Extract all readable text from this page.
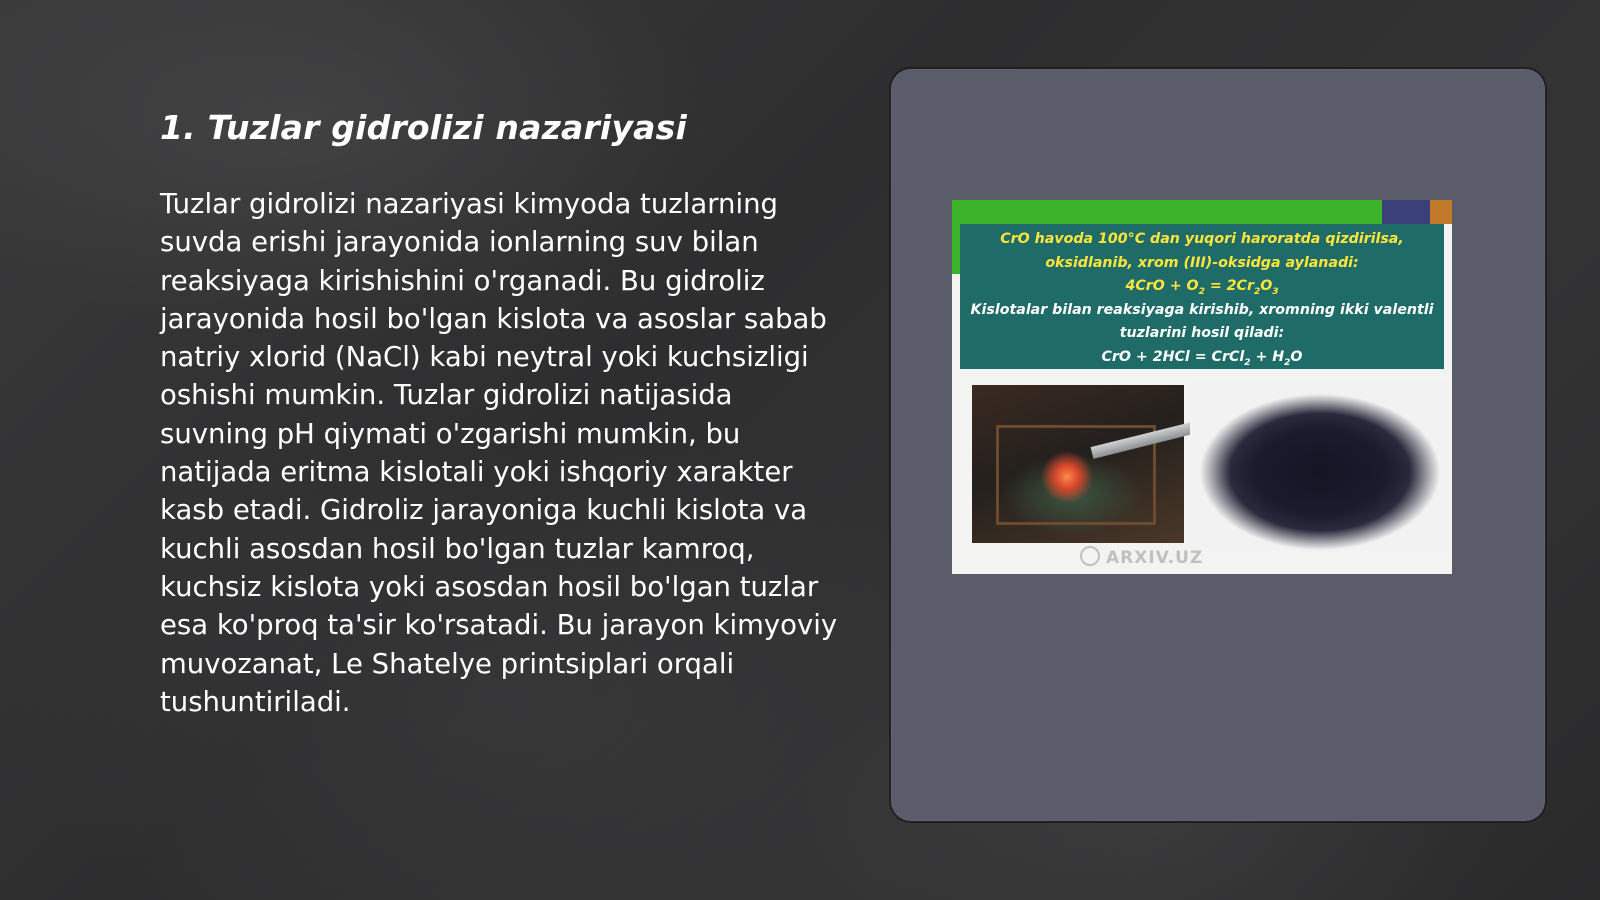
1. Tuzlar gidrolizi nazariyasi

Tuzlar gidrolizi nazariyasi kimyoda tuzlarning suvda erishi jarayonida ionlarning suv bilan reaksiyaga kirishishini o'rganadi. Bu gidroliz jarayonida hosil bo'lgan kislota va asoslar sabab natriy xlorid (NaCl) kabi neytral yoki kuchsizligi oshishi mumkin. Tuzlar gidrolizi natijasida suvning pH qiymati o'zgarishi mumkin, bu natijada eritma kislotali yoki ishqoriy xarakter kasb etadi. Gidroliz jarayoniga kuchli kislota va kuchli asosdan hosil bo'lgan tuzlar kamroq, kuchsiz kislota yoki asosdan hosil bo'lgan tuzlar esa ko'proq ta'sir ko'rsatadi. Bu jarayon kimyoviy muvozanat, Le Shatelye printsiplari orqali tushuntiriladi.

CrO havoda 100°C dan yuqori haroratda qizdirilsa,
oksidlanib, xrom (III)-oksidga aylanadi:
$4CrO + O_2 = 2Cr_2O_3$
Kislotalar bilan reaksiyaga kirishib, xromning ikki valentli
tuzlarini hosil qiladi:
CrO + 2HCl = CrCl$_2$ + $H_2O$
ARXIV.UZ
